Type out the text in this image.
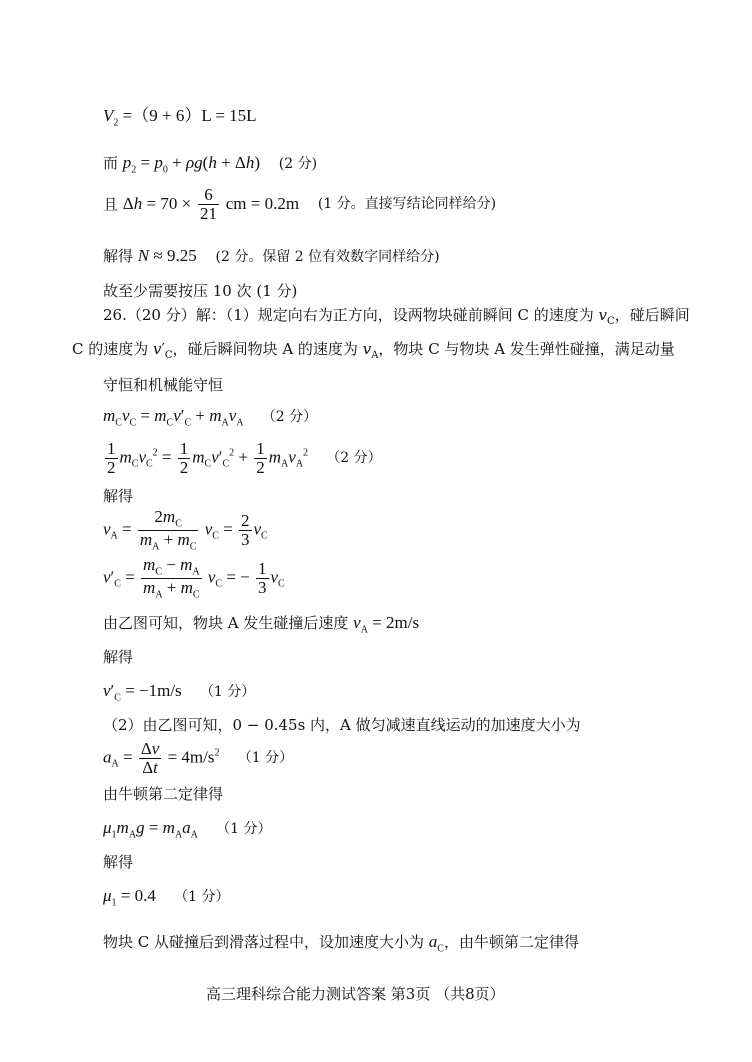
$V_2 =(9 + 6)L = 15L$
而 $p_2 = p_0 + \rho g(h + \Delta h)$ (2 分)
且 $\Delta h = 70 \times \frac{6}{21}$ cm = 0.2m (1 分。直接写结论同样给分)
解得 N ≈ 9.25 (2 分。保留 2 位有效数字同样给分)
故至少需要按压 10 次 (1 分)
26.（20 分）解：（1）规定向右为正方向，设两物块碰前瞬间 C 的速度为 $v_C$，碰后瞬间
C 的速度为 $v'_C$，碰后瞬间物块 A 的速度为 $v_A$，物块 C 与物块 A 发生弹性碰撞，满足动量
守恒和机械能守恒
$m_Cv_C = m_Cv'_C + m_Av_A$ （2 分）
$\frac{1}{2} m_Cv_C^2 = \frac{1}{2} m_Cv'_C^2 + \frac{1}{2} m_Av_A^2$ （2 分）
解得
$v_A = \frac{2m_C}{m_A + m_C} v_C = \frac{2}{3} v_C$
$v'_C = \frac{m_C - m_A}{m_A + m_C} v_C$ = − $\frac{1}{3} v_C$
由乙图可知，物块 A 发生碰撞后速度 $v_A = 2m/s$
解得
$v'_C = -1m/s$ （1 分）
（2）由乙图可知，0 − 0.45s 内，A 做匀减速直线运动的加速度大小为
$a_A = \frac{\Delta v}{\Delta t} = 4m/s^2$ （1 分）
由牛顿第二定律得
$\mu_1m_Ag = m_Aa_A$ （1 分）
解得
$\mu_1 = 0.4$ （1 分）
物块 C 从碰撞后到滑落过程中，设加速度大小为 $a_C$，由牛顿第二定律得
高三理科综合能力测试答案 第3页 （共8页）
